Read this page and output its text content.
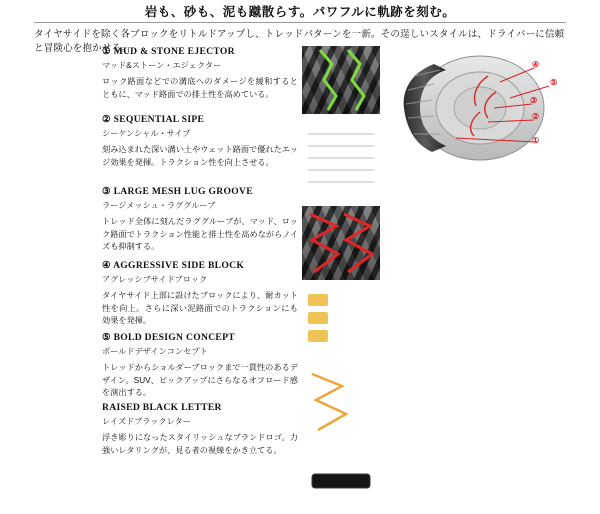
岩も、砂も、泥も蹴散らす。パワフルに軌跡を刻む。
タイヤサイドを除く各ブロックをリトルドアップし、トレッドパターンを一新。その逞しいスタイルは、ドライバーに信頼と冒険心を抱かせる。
① MUD & STONE EJECTOR
マッド&ストーン・エジェクター
ロック路面などでの溝底へのダメージを緩和するとともに、マッド路面での排土性を高めている。
② SEQUENTIAL SIPE
シーケンシャル・サイプ
刻み込まれた深い溝い土やウェット路面で優れたエッジ効果を発揮。トラクション性を向上させる。
③ LARGE MESH LUG GROOVE
ラージメッシュ・ラググルーブ
トレッド全体に刻んだラググルーブが、マッド、ロック路面でトラクション性能と排土性を高めながらノイズも抑制する。
④ AGGRESSIVE SIDE BLOCK
アグレッシブサイドブロック
タイヤサイド上部に設けたブロックにより、耐カット性を向上。さらに深い泥路面でのトラクションにも効果を発揮。
⑤ BOLD DESIGN CONCEPT
ボールドデザインコンセプト
トレッドからショルダーブロックまで一貫性のあるデザイン。SUV、ピックアップにさらなるオフロード感を演出する。
RAISED BLACK LETTER
レイズドブラックレター
浮き彫りになったスタイリッシュなブランドロゴ。力強いレタリングが、見る者の視線をかき立てる。
④
⑤
③
②
①
